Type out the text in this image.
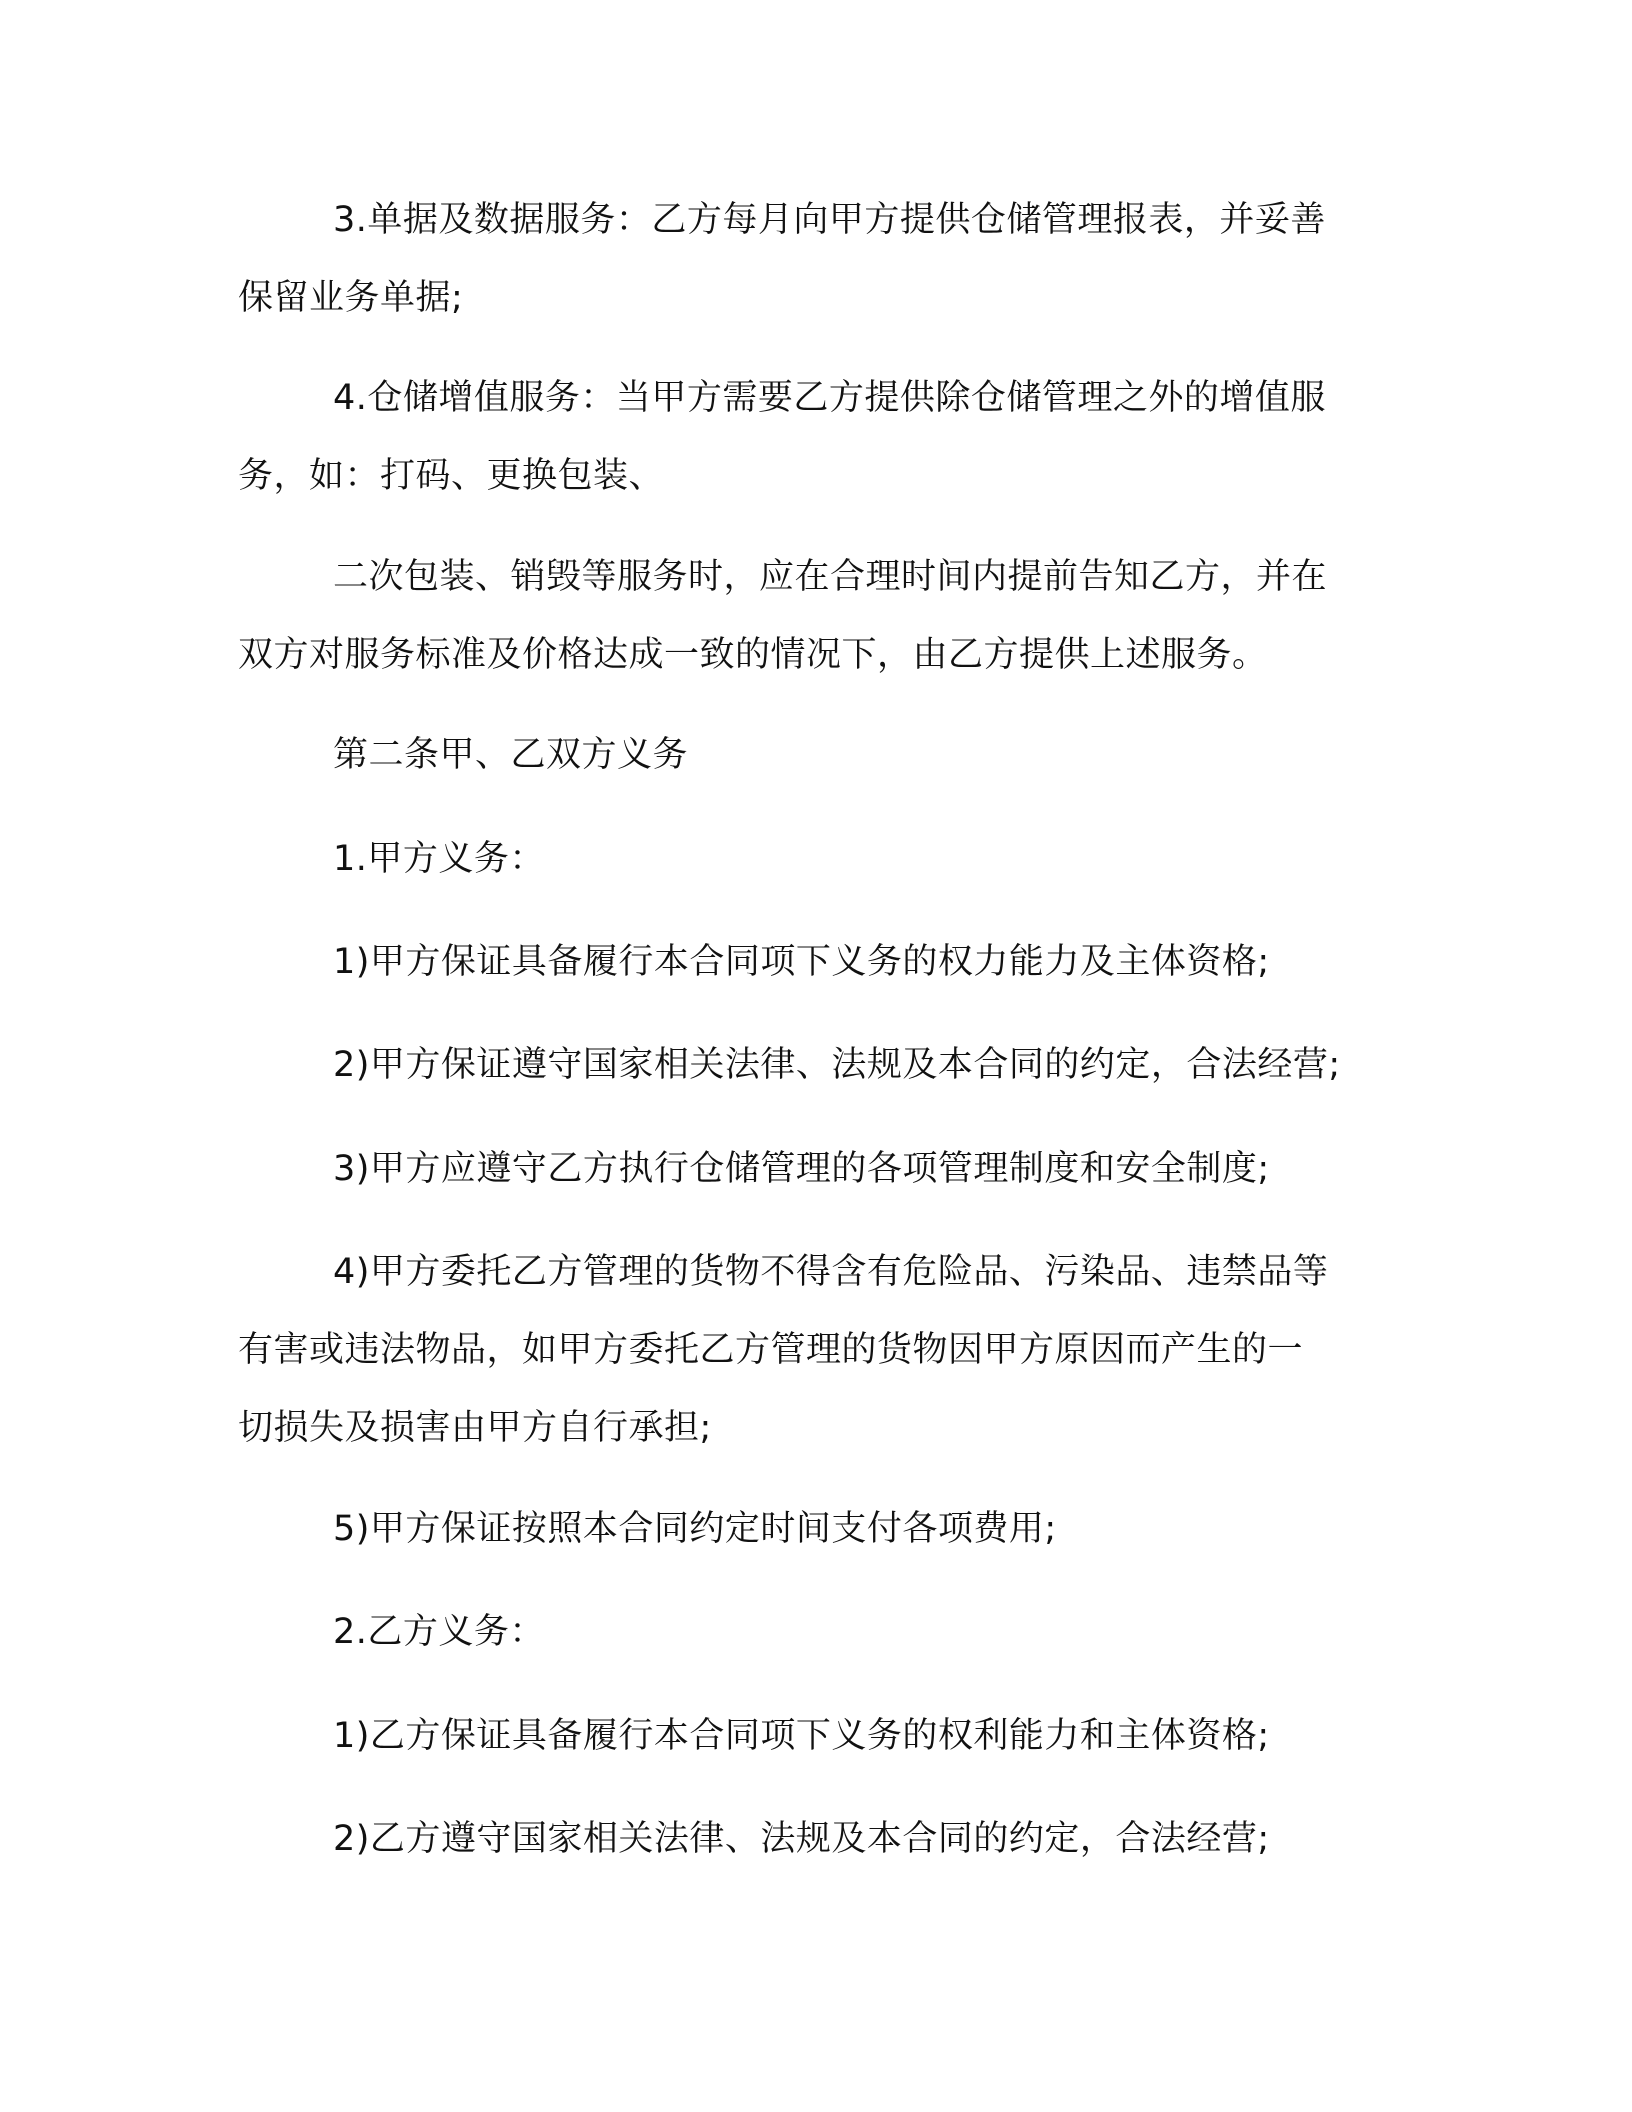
3.单据及数据服务：乙方每月向甲方提供仓储管理报表，并妥善

保留业务单据;

4.仓储增值服务：当甲方需要乙方提供除仓储管理之外的增值服

务，如：打码、更换包装、

二次包装、销毁等服务时，应在合理时间内提前告知乙方，并在

双方对服务标准及价格达成一致的情况下，由乙方提供上述服务。

第二条甲、乙双方义务

1.甲方义务：

1)甲方保证具备履行本合同项下义务的权力能力及主体资格;

2)甲方保证遵守国家相关法律、法规及本合同的约定，合法经营;

3)甲方应遵守乙方执行仓储管理的各项管理制度和安全制度;

4)甲方委托乙方管理的货物不得含有危险品、污染品、违禁品等

有害或违法物品，如甲方委托乙方管理的货物因甲方原因而产生的一

切损失及损害由甲方自行承担;

5)甲方保证按照本合同约定时间支付各项费用;

2.乙方义务：

1)乙方保证具备履行本合同项下义务的权利能力和主体资格;

2)乙方遵守国家相关法律、法规及本合同的约定，合法经营;
